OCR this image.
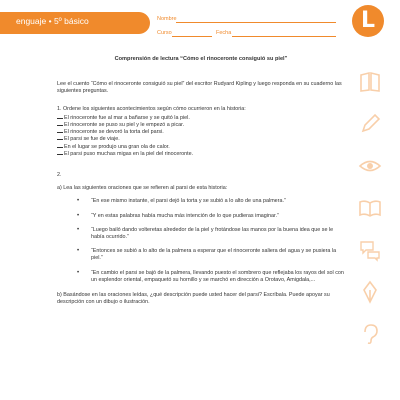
enguaje • 5º básico	Nombre
Curso	Fecha	L
Comprensión de lectura “Cómo el rinoceronte consiguió su piel”
Lee el cuento “Cómo el rinoceronte consiguió su piel” del escritor Rudyard Kipling y luego responda en su cuaderno las siguientes preguntas.
1. Ordene los siguientes acontecimientos según cómo ocurrieron en la historia:
El rinoceronte fue al mar a bañarse y se quitó la piel.
El rinoceronte se puso su piel y le empezó a picar.
El rinoceronte se devoró la torta del parsi.
El parsi se fue de viaje.
En el lugar se produjo una gran ola de calor.
El parsi puso muchas migas en la piel del rinoceronte.
2.
a) Lea las siguientes oraciones que se refieren al parsi de esta historia:
• “En ese mismo instante, el parsi dejó la torta y se subió a lo alto de una palmera.”
• “Y en estas palabras había mucha más intención de lo que pudieras imaginar.”
• “Luego bailó dando volteretas alrededor de la piel y frotándose las manos por la buena idea que se le había ocurrido.”
• “Entonces se subió a lo alto de la palmera a esperar que el rinoceronte saliera del agua y se pusiera la piel.”
• “En cambio el parsi se bajó de la palmera, llevando puesto el sombrero que reflejaba los rayos del sol con un esplendor oriental, empaquetó su hornillo y se marchó en dirección a Orotavo, Amigdala,...
b) Basándose en las oraciones leídas, ¿qué descripción puede usted hacer del parsi? Escríbala. Puede apoyar su descripción con un dibujo o ilustración.
